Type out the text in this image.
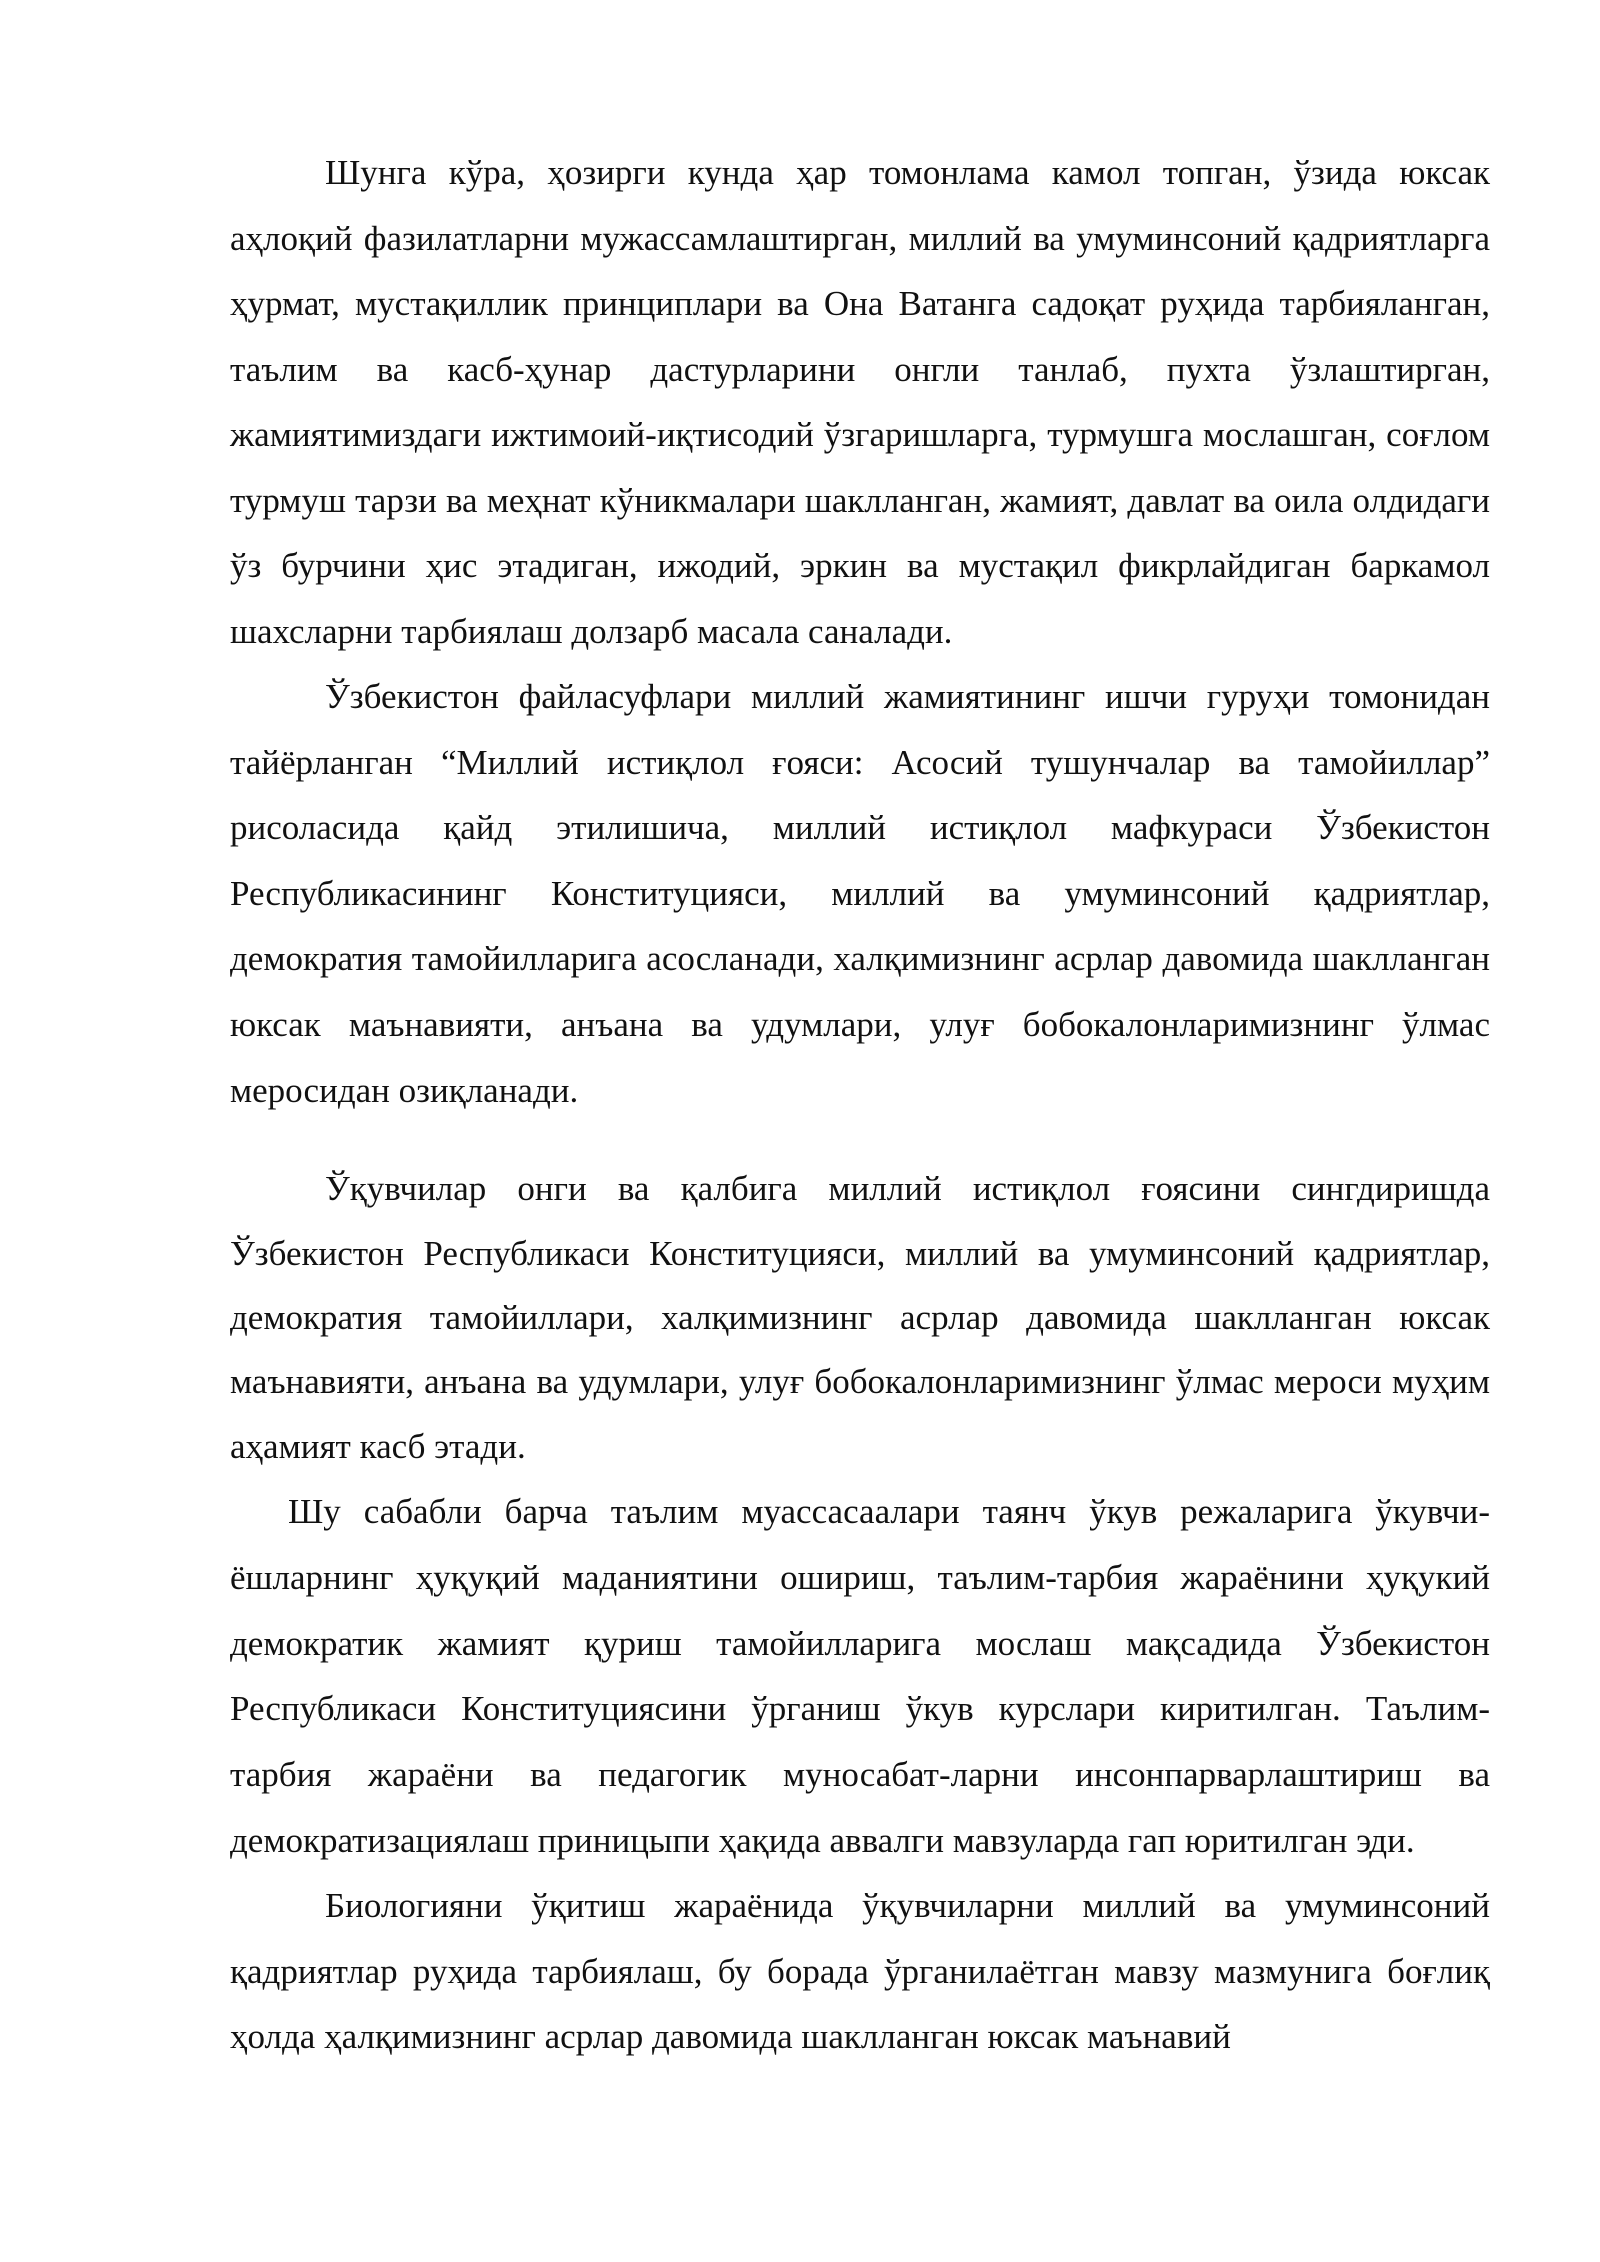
Шунга кўра, ҳозирги кунда ҳар томонлама камол топган, ўзида юксак аҳлоқий фазилатларни мужассамлаштирган, миллий ва умуминсоний қадриятларга ҳурмат, мустақиллик принциплари ва Она Ватанга садоқат руҳида тарбияланган, таълим ва касб-ҳунар дастурларини онгли танлаб, пухта ўзлаштирган, жамиятимиздаги ижтимоий-иқтисодий ўзгаришларга, турмушга мослашган, соғлом турмуш тарзи ва меҳнат кўникмалари шаклланган, жамият, давлат ва оила олдидаги ўз бурчини ҳис этадиган, ижодий, эркин ва мустақил фикрлайдиган баркамол шахсларни тарбиялаш долзарб масала саналади.

Ўзбекистон файласуфлари миллий жамиятининг ишчи гуруҳи томонидан тайёрланган “Миллий истиқлол ғояси: Асосий тушунчалар ва тамойиллар” рисоласида қайд этилишича, миллий истиқлол мафкураси Ўзбекистон Республикасининг Конституцияси, миллий ва умуминсоний қадриятлар, демократия тамойилларига асосланади, халқимизнинг асрлар давомида шаклланган юксак маънавияти, анъана ва удумлари, улуғ бобокалонларимизнинг ўлмас меросидан озиқланади.

Ўқувчилар онги ва қалбига миллий истиқлол ғоясини сингдиришда Ўзбекистон Республикаси Конституцияси, миллий ва умуминсоний қадриятлар, демократия тамойиллари, халқимизнинг асрлар давомида шаклланган юксак маънавияти, анъана ва удумлари, улуғ бобокалонларимизнинг ўлмас мероси муҳим аҳамият касб этади.

Шу сабабли барча таълим муассасаалари таянч ўкув режаларига ўкувчи-ёшларнинг ҳуқуқий маданиятини ошириш, таълим-тарбия жараёнини ҳуқукий демократик жамият қуриш тамойилларига мослаш мақсадида Ўзбекистон Республикаси Конституциясини ўрганиш ўкув курслари киритилган. Таълим-тарбия жараёни ва педагогик муносабат-ларни инсонпарварлаштириш ва демократизациялаш приницыпи ҳақида аввалги мавзуларда гап юритилган эди.

Биологияни ўқитиш жараёнида ўқувчиларни миллий ва умуминсоний қадриятлар руҳида тарбиялаш, бу борада ўрганилаётган мавзу мазмунига боғлиқ ҳолда ҳалқимизнинг асрлар давомида шаклланган юксак маънавий
